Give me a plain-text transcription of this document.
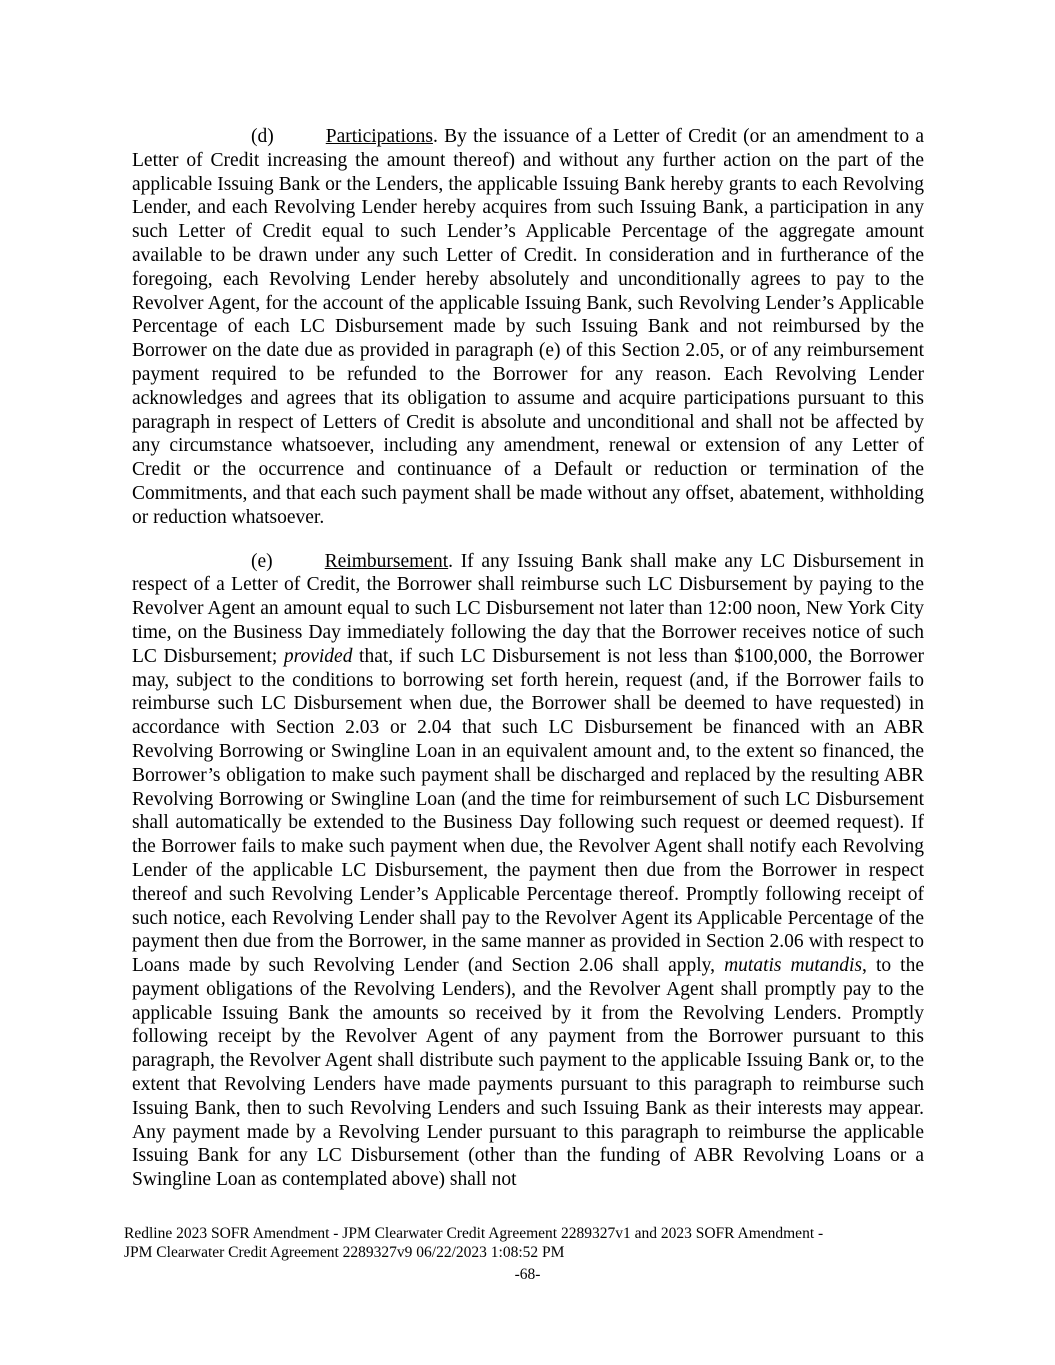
(d)	Participations. By the issuance of a Letter of Credit (or an amendment to a Letter of Credit increasing the amount thereof) and without any further action on the part of the applicable Issuing Bank or the Lenders, the applicable Issuing Bank hereby grants to each Revolving Lender, and each Revolving Lender hereby acquires from such Issuing Bank, a participation in any such Letter of Credit equal to such Lender’s Applicable Percentage of the aggregate amount available to be drawn under any such Letter of Credit. In consideration and in furtherance of the foregoing, each Revolving Lender hereby absolutely and unconditionally agrees to pay to the Revolver Agent, for the account of the applicable Issuing Bank, such Revolving Lender’s Applicable Percentage of each LC Disbursement made by such Issuing Bank and not reimbursed by the Borrower on the date due as provided in paragraph (e) of this Section 2.05, or of any reimbursement payment required to be refunded to the Borrower for any reason. Each Revolving Lender acknowledges and agrees that its obligation to assume and acquire participations pursuant to this paragraph in respect of Letters of Credit is absolute and unconditional and shall not be affected by any circumstance whatsoever, including any amendment, renewal or extension of any Letter of Credit or the occurrence and continuance of a Default or reduction or termination of the Commitments, and that each such payment shall be made without any offset, abatement, withholding or reduction whatsoever.

(e)	Reimbursement. If any Issuing Bank shall make any LC Disbursement in respect of a Letter of Credit, the Borrower shall reimburse such LC Disbursement by paying to the Revolver Agent an amount equal to such LC Disbursement not later than 12:00 noon, New York City time, on the Business Day immediately following the day that the Borrower receives notice of such LC Disbursement; provided that, if such LC Disbursement is not less than $100,000, the Borrower may, subject to the conditions to borrowing set forth herein, request (and, if the Borrower fails to reimburse such LC Disbursement when due, the Borrower shall be deemed to have requested) in accordance with Section 2.03 or 2.04 that such LC Disbursement be financed with an ABR Revolving Borrowing or Swingline Loan in an equivalent amount and, to the extent so financed, the Borrower’s obligation to make such payment shall be discharged and replaced by the resulting ABR Revolving Borrowing or Swingline Loan (and the time for reimbursement of such LC Disbursement shall automatically be extended to the Business Day following such request or deemed request). If the Borrower fails to make such payment when due, the Revolver Agent shall notify each Revolving Lender of the applicable LC Disbursement, the payment then due from the Borrower in respect thereof and such Revolving Lender’s Applicable Percentage thereof. Promptly following receipt of such notice, each Revolving Lender shall pay to the Revolver Agent its Applicable Percentage of the payment then due from the Borrower, in the same manner as provided in Section 2.06 with respect to Loans made by such Revolving Lender (and Section 2.06 shall apply, mutatis mutandis, to the payment obligations of the Revolving Lenders), and the Revolver Agent shall promptly pay to the applicable Issuing Bank the amounts so received by it from the Revolving Lenders. Promptly following receipt by the Revolver Agent of any payment from the Borrower pursuant to this paragraph, the Revolver Agent shall distribute such payment to the applicable Issuing Bank or, to the extent that Revolving Lenders have made payments pursuant to this paragraph to reimburse such Issuing Bank, then to such Revolving Lenders and such Issuing Bank as their interests may appear. Any payment made by a Revolving Lender pursuant to this paragraph to reimburse the applicable Issuing Bank for any LC Disbursement (other than the funding of ABR Revolving Loans or a Swingline Loan as contemplated above) shall not

Redline 2023 SOFR Amendment - JPM Clearwater Credit Agreement 2289327v1 and 2023 SOFR Amendment -
JPM Clearwater Credit Agreement 2289327v9 06/22/2023 1:08:52 PM
-68-
